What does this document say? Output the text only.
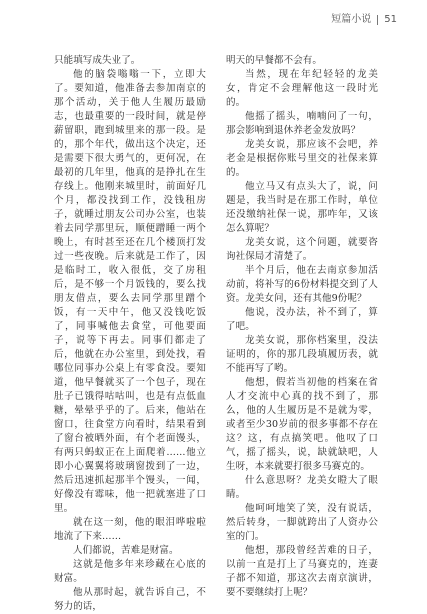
短篇小说 51

只能填写成失业了。

他的脑袋嗡嗡一下，立即大了。要知道，他准备去参加南京的那个活动，关于他人生履历最励志，也最重要的一段时间，就是停薪留职，跑到城里来的那一段。是的，那个年代，做出这个决定，还是需要下很大勇气的，更何况，在最初的几年里，他真的是挣扎在生存线上。他刚来城里时，前面好几个月，都没找到工作，没钱租房子，就睡过朋友公司办公室，也装着去同学那里玩，顺便蹭睡一两个晚上，有时甚至还在几个楼顶打发过一些夜晚。后来就是工作了，因是临时工，收入很低，交了房租后，是不够一个月饭钱的，要么找朋友借点，要么去同学那里蹭个饭，有一天中午，他又没钱吃饭了，同事喊他去食堂，可他要面子，说等下再去。同事们都走了后，他就在办公室里，到处找，看哪位同事办公桌上有零食没。要知道，他早餐就买了一个包子，现在肚子已饿得咕咕叫，也是有点低血糖，晕晕乎乎的了。后来，他站在窗口，往食堂方向看时，结果看到了窗台被晒外面，有个老面馒头，有两只蚂蚁正在上面爬着……他立即小心翼翼将玻璃窗拨到了一边，然后迅速抓起那半个馒头，一闻，好像没有霉味，他一把就塞进了口里。

就在这一刻，他的眼泪哗啦啦地流了下来……

人们都说，苦难是财富。

这就是他多年来珍藏在心底的财富。

他从那时起，就告诉自己，不努力的话，

明天的早餐都不会有。

当然，现在年纪轻轻的龙美女，肯定不会理解他这一段时光的。

他摇了摇头，喃喃问了一句，那会影响到退休养老金发放吗？

龙美女说，那应该不会吧，养老金是根据你账号里交的社保来算的。

他立马又有点头大了，说，问题是，我当时是在那工作时，单位还没缴纳社保一说，那咋年，又该怎么算呢？

龙美女说，这个问题，就要咨询社保局才清楚了。

半个月后，他在去南京参加活动前，将补写的6份材料提交到了人资。龙美女问，还有其他9份呢？

他说，没办法，补不到了，算了吧。

龙美女说，那你档案里，没法证明的，你的那几段填履历表，就不能再写了哟。

他想，假若当初他的档案在省人才交流中心真的找不到了，那么，他的人生履历是不是就为零，或者至少30岁前的很多事都不存在这？这，有点搞笑吧。他叹了口气，摇了摇头，说，缺就缺吧，人生呀，本来就要打很多马赛克的。

什么意思呀？龙美女瞪大了眼睛。

他呵呵地笑了笑，没有说话，然后转身，一脚就跨出了人资办公室的门。

他想，那段曾经苦难的日子，以前一直是打上了马赛克的，连妻子都不知道，那这次去南京演讲，要不要继续打上呢？
